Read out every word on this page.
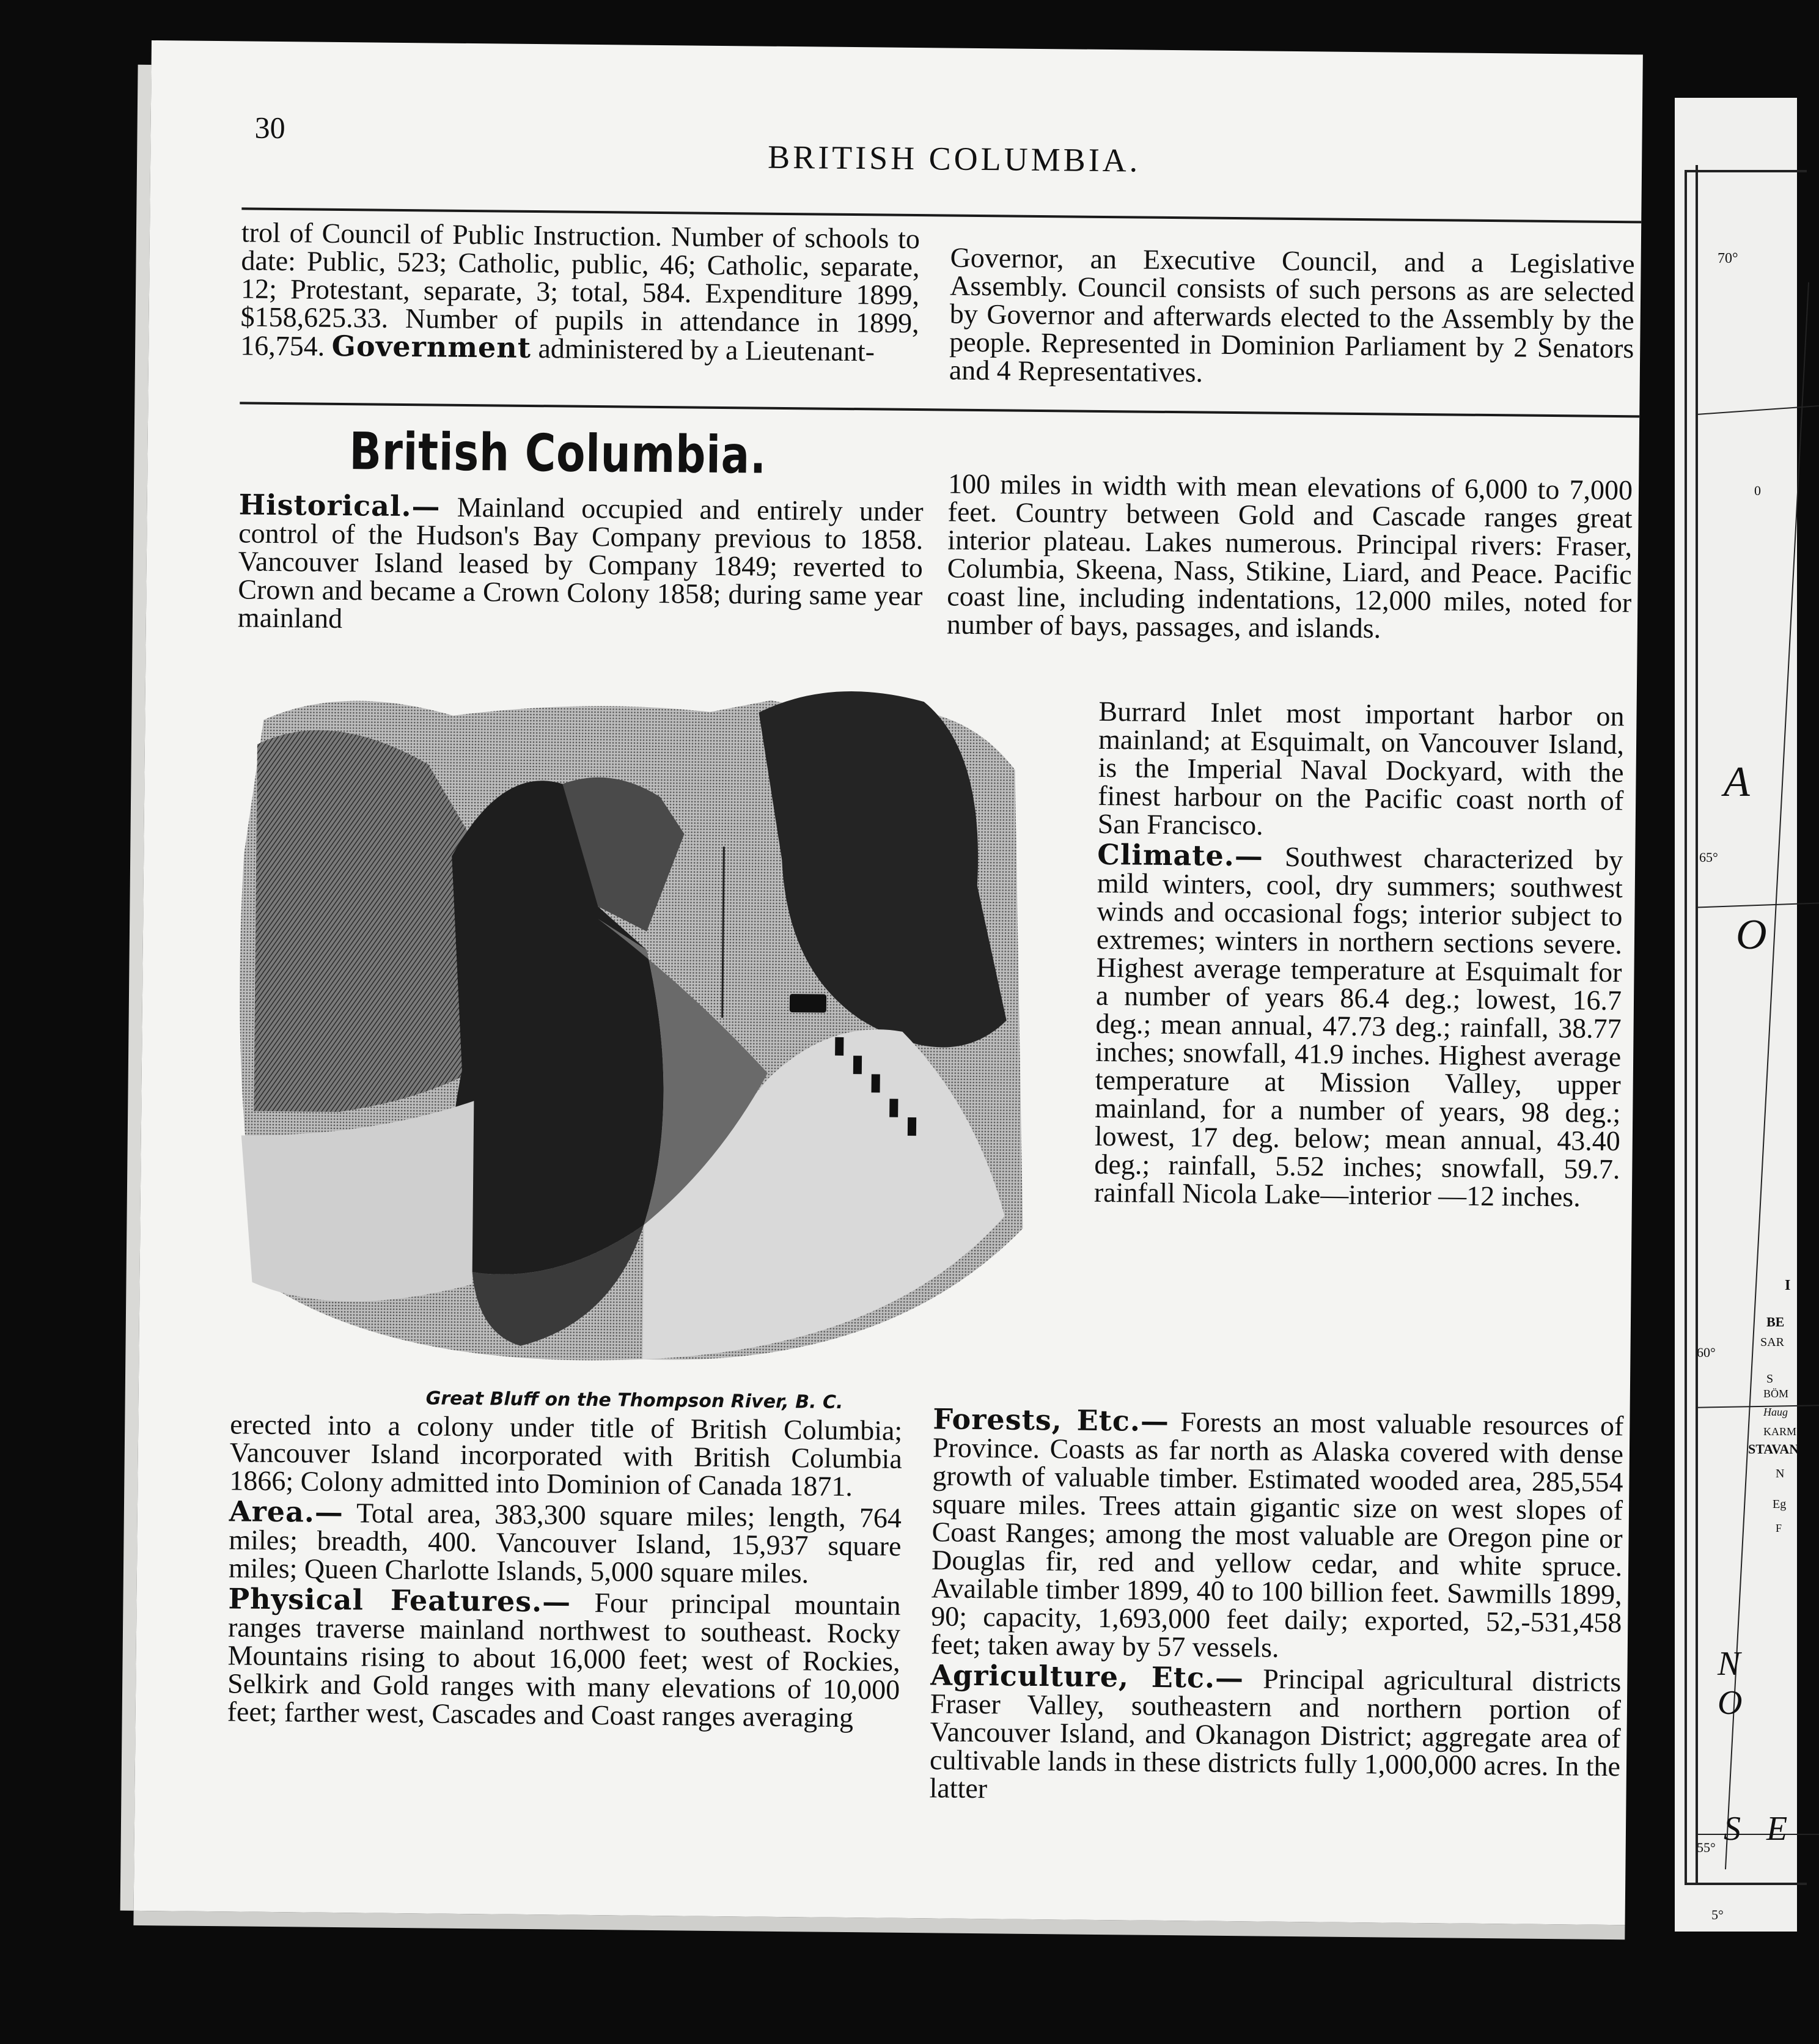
30
BRITISH COLUMBIA.
trol of Council of Public Instruction. Number of schools to date: Public, 523; Catholic, public, 46; Catholic, separate, 12; Protestant, separate, 3; total, 584. Expenditure 1899, $158,625.33. Number of pupils in attendance in 1899, 16,754. Government administered by a Lieutenant-
Governor, an Executive Council, and a Legislative Assembly. Council consists of such persons as are selected by Governor and afterwards elected to the Assembly by the people. Represented in Dominion Parliament by 2 Senators and 4 Representatives.
British Columbia.
Historical.— Mainland occupied and entirely under control of the Hudson's Bay Company previous to 1858. Vancouver Island leased by Company 1849; reverted to Crown and became a Crown Colony 1858; during same year mainland
Great Bluff on the Thompson River, B. C.
erected into a colony under title of British Columbia; Vancouver Island incorporated with British Columbia 1866; Colony admitted into Dominion of Canada 1871.
Area.— Total area, 383,300 square miles; length, 764 miles; breadth, 400. Vancouver Island, 15,937 square miles; Queen Charlotte Islands, 5,000 square miles.
Physical Features.— Four principal mountain ranges traverse mainland northwest to southeast. Rocky Mountains rising to about 16,000 feet; west of Rockies, Selkirk and Gold ranges with many elevations of 10,000 feet; farther west, Cascades and Coast ranges averaging
100 miles in width with mean elevations of 6,000 to 7,000 feet. Country between Gold and Cascade ranges great interior plateau. Lakes numerous. Principal rivers: Fraser, Columbia, Skeena, Nass, Stikine, Liard, and Peace. Pacific coast line, including indentations, 12,000 miles, noted for number of bays, passages, and islands.
Burrard Inlet most important harbor on mainland; at Esquimalt, on Vancouver Island, is the Imperial Naval Dockyard, with the finest harbour on the Pacific coast north of San Francisco.
Climate.— Southwest characterized by mild winters, cool, dry summers; southwest winds and occasional fogs; interior subject to extremes; winters in northern sections severe. Highest average temperature at Esquimalt for a number of years 86.4 deg.; lowest, 16.7 deg.; mean annual, 47.73 deg.; rainfall, 38.77 inches; snowfall, 41.9 inches. Highest average temperature at Mission Valley, upper mainland, for a number of years, 98 deg.; lowest, 17 deg. below; mean annual, 43.40 deg.; rainfall, 5.52 inches; snowfall, 59.7. rainfall Nicola Lake—interior —12 inches.
Forests, Etc.— Forests an most valuable resources of Province. Coasts as far north as Alaska covered with dense growth of valuable timber. Estimated wooded area, 285,554 square miles. Trees attain gigantic size on west slopes of Coast Ranges; among the most valuable are Oregon pine or Douglas fir, red and yellow cedar, and white spruce. Available timber 1899, 40 to 100 billion feet. Sawmills 1899, 90; capacity, 1,693,000 feet daily; exported, 52,-531,458 feet; taken away by 57 vessels.
Agriculture, Etc.— Principal agricultural districts Fraser Valley, southeastern and northern portion of Vancouver Island, and Okanagon District; aggregate area of cultivable lands in these districts fully 1,000,000 acres. In the latter
70°
0
A
65°
O
I
BE
SAR
60°
S
BÖM
Haug
KARM
STAVAN
N
Eg
F
N O
S E
55°
5°
